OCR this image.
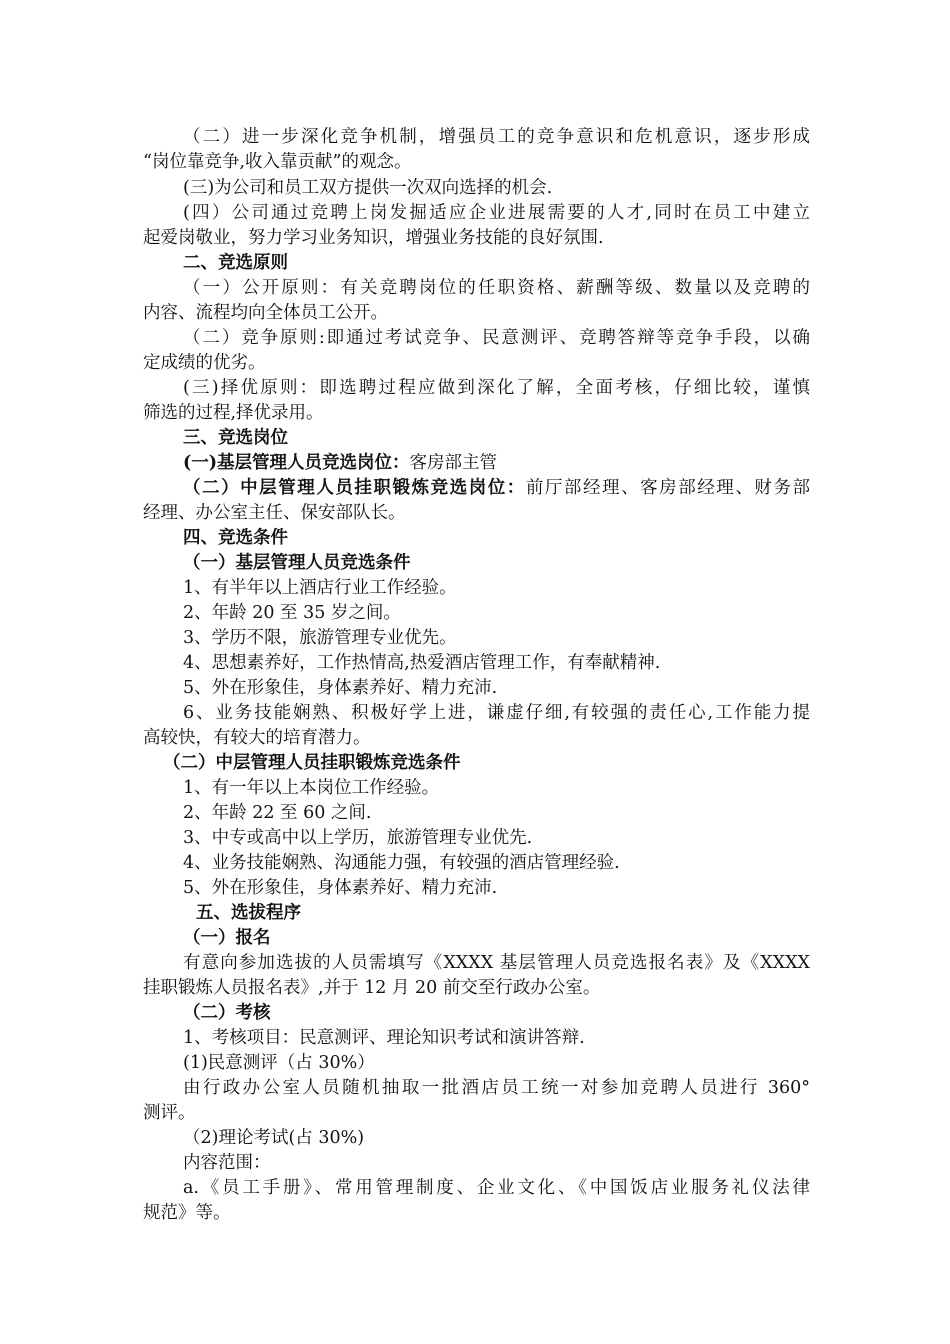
（二）进一步深化竞争机制，增强员工的竞争意识和危机意识，逐步形成

“岗位靠竞争,收入靠贡献”的观念。

(三)为公司和员工双方提供一次双向选择的机会.

(四）公司通过竞聘上岗发掘适应企业进展需要的人才,同时在员工中建立

起爱岗敬业，努力学习业务知识，增强业务技能的良好氛围.

二、竞选原则

（一）公开原则：有关竞聘岗位的任职资格、薪酬等级、数量以及竞聘的

内容、流程均向全体员工公开。

（二）竞争原则:即通过考试竞争、民意测评、竞聘答辩等竞争手段，以确

定成绩的优劣。

(三)择优原则：即选聘过程应做到深化了解，全面考核，仔细比较，谨慎

筛选的过程,择优录用。

三、竞选岗位

(一)基层管理人员竞选岗位：客房部主管

（二）中层管理人员挂职锻炼竞选岗位：前厅部经理、客房部经理、财务部

经理、办公室主任、保安部队长。

四、竞选条件

（一）基层管理人员竞选条件

1、有半年以上酒店行业工作经验。

2、年龄 20 至 35 岁之间。

3、学历不限，旅游管理专业优先。

4、思想素养好，工作热情高,热爱酒店管理工作，有奉献精神.

5、外在形象佳，身体素养好、精力充沛.

6、业务技能娴熟、积极好学上进，谦虚仔细,有较强的责任心,工作能力提

高较快，有较大的培育潜力。

（二）中层管理人员挂职锻炼竞选条件

1、有一年以上本岗位工作经验。

2、年龄 22 至 60 之间.

3、中专或高中以上学历，旅游管理专业优先.

4、业务技能娴熟、沟通能力强，有较强的酒店管理经验.

5、外在形象佳，身体素养好、精力充沛.

五、选拔程序

（一）报名

有意向参加选拔的人员需填写《XXXX 基层管理人员竞选报名表》及《XXXX

挂职锻炼人员报名表》,并于 12 月 20 前交至行政办公室。

（二）考核

1、考核项目：民意测评、理论知识考试和演讲答辩.

(1)民意测评（占 30%）

由行政办公室人员随机抽取一批酒店员工统一对参加竞聘人员进行 360°

测评。

（2)理论考试(占 30%)

内容范围：

a.《员工手册》、常用管理制度、企业文化、《中国饭店业服务礼仪法律

规范》等。
